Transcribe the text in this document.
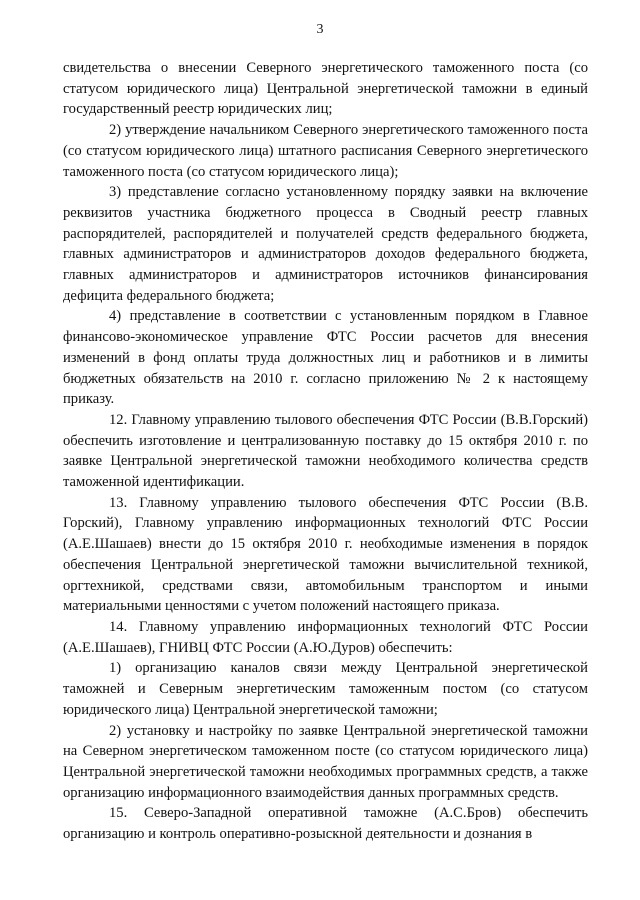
3

свидетельства о внесении Северного энергетического таможенного поста (со статусом юридического лица) Центральной энергетической таможни в единый государственный реестр юридических лиц;

2) утверждение начальником Северного энергетического таможенного поста (со статусом юридического лица) штатного расписания Северного энергетического таможенного поста (со статусом юридического лица);

3) представление согласно установленному порядку заявки на включение реквизитов участника бюджетного процесса в Сводный реестр главных распорядителей, распорядителей и получателей средств федерального бюджета, главных администраторов и администраторов доходов федерального бюджета, главных администраторов и администраторов источников финансирования дефицита федерального бюджета;

4) представление в соответствии с установленным порядком в Главное финансово-экономическое управление ФТС России расчетов для внесения изменений в фонд оплаты труда должностных лиц и работников и в лимиты бюджетных обязательств на 2010 г. согласно приложению № 2 к настоящему приказу.

12. Главному управлению тылового обеспечения ФТС России (В.В.Горский) обеспечить изготовление и централизованную поставку до 15 октября 2010 г. по заявке Центральной энергетической таможни необходимого количества средств таможенной идентификации.

13. Главному управлению тылового обеспечения ФТС России (В.В. Горский), Главному управлению информационных технологий ФТС России (А.Е.Шашаев) внести до 15 октября 2010 г. необходимые изменения в порядок обеспечения Центральной энергетической таможни вычислительной техникой, оргтехникой, средствами связи, автомобильным транспортом и иными материальными ценностями с учетом положений настоящего приказа.

14. Главному управлению информационных технологий ФТС России (А.Е.Шашаев), ГНИВЦ ФТС России (А.Ю.Дуров) обеспечить:

1) организацию каналов связи между Центральной энергетической таможней и Северным энергетическим таможенным постом (со статусом юридического лица) Центральной энергетической таможни;

2) установку и настройку по заявке Центральной энергетической таможни на Северном энергетическом таможенном посте (со статусом юридического лица) Центральной энергетической таможни необходимых программных средств, а также организацию информационного взаимодействия данных программных средств.

15. Северо-Западной оперативной таможне (А.С.Бров) обеспечить организацию и контроль оперативно-розыскной деятельности и дознания в
